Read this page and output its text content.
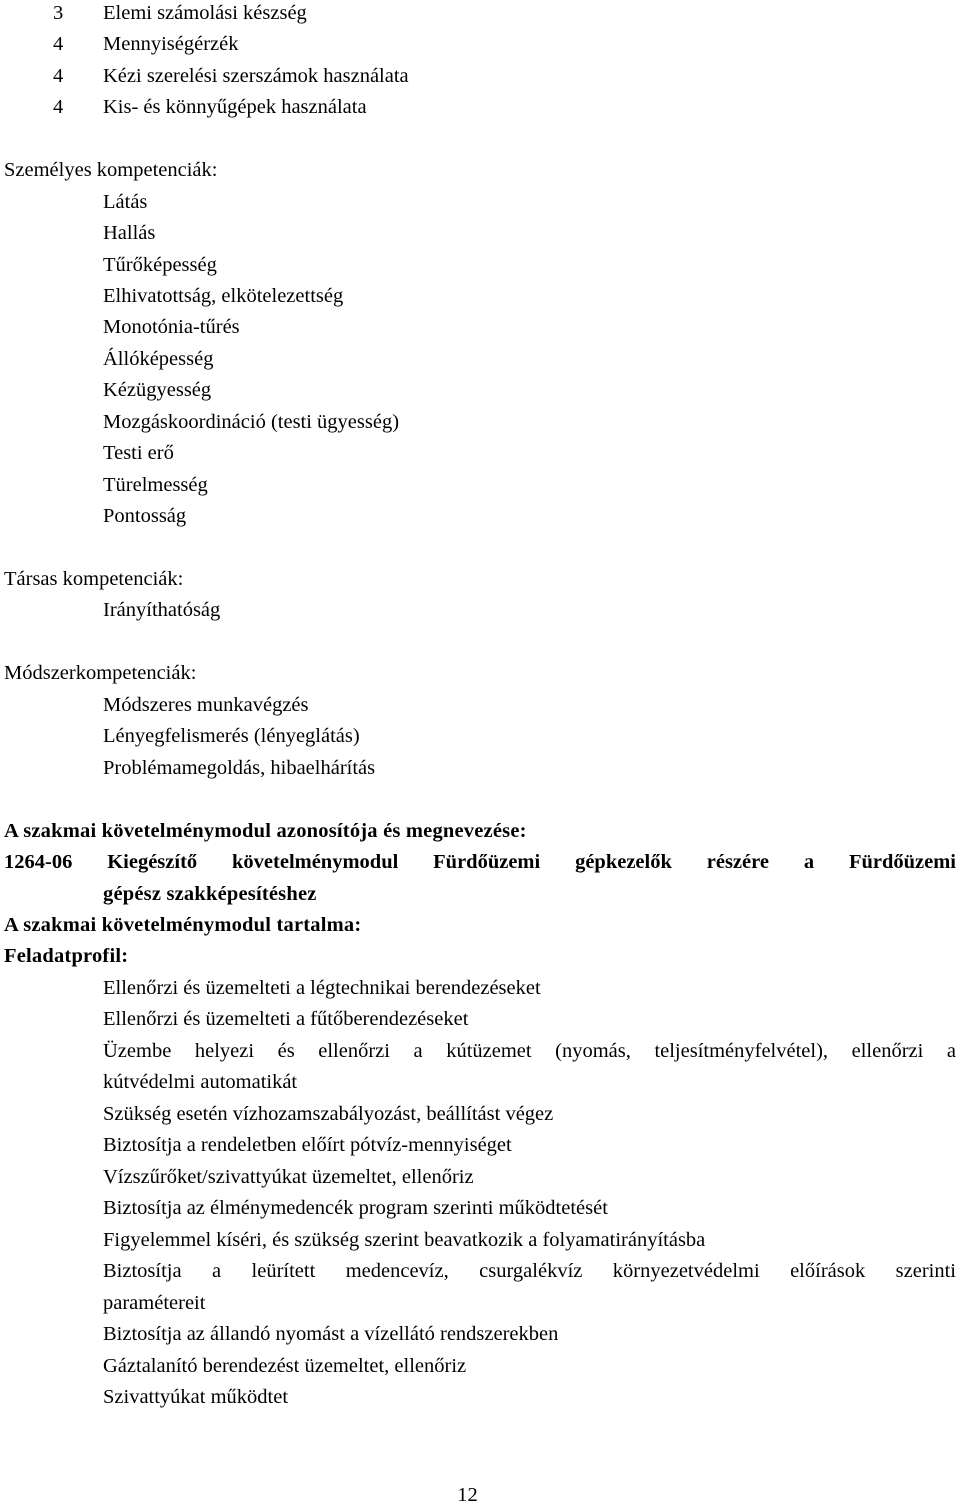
3 Elemi számolási készség
4 Mennyiségérzék
4 Kézi szerelési szerszámok használata
4 Kis- és könnyűgépek használata
Személyes kompetenciák:
Látás
Hallás
Tűrőképesség
Elhivatottság, elkötelezettség
Monotónia-tűrés
Állóképesség
Kézügyesség
Mozgáskoordináció (testi ügyesség)
Testi erő
Türelmesség
Pontosság
Társas kompetenciák:
Irányíthatóság
Módszerkompetenciák:
Módszeres munkavégzés
Lényegfelismerés (lényeglátás)
Problémamegoldás, hibaelhárítás
A szakmai követelménymodul azonosítója és megnevezése:
1264-06 Kiegészítő követelménymodul Fürdőüzemi gépkezelők részére a Fürdőüzemi
gépész szakképesítéshez
A szakmai követelménymodul tartalma:
Feladatprofil:
Ellenőrzi és üzemelteti a légtechnikai berendezéseket
Ellenőrzi és üzemelteti a fűtőberendezéseket
Üzembe helyezi és ellenőrzi a kútüzemet (nyomás, teljesítményfelvétel), ellenőrzi a
kútvédelmi automatikát
Szükség esetén vízhozamszabályozást, beállítást végez
Biztosítja a rendeletben előírt pótvíz-mennyiséget
Vízszűrőket/szivattyúkat üzemeltet, ellenőriz
Biztosítja az élménymedencék program szerinti működtetését
Figyelemmel kíséri, és szükség szerint beavatkozik a folyamatirányításba
Biztosítja a leürített medencevíz, csurgalékvíz környezetvédelmi előírások szerinti
paramétereit
Biztosítja az állandó nyomást a vízellátó rendszerekben
Gáztalanító berendezést üzemeltet, ellenőriz
Szivattyúkat működtet
12
